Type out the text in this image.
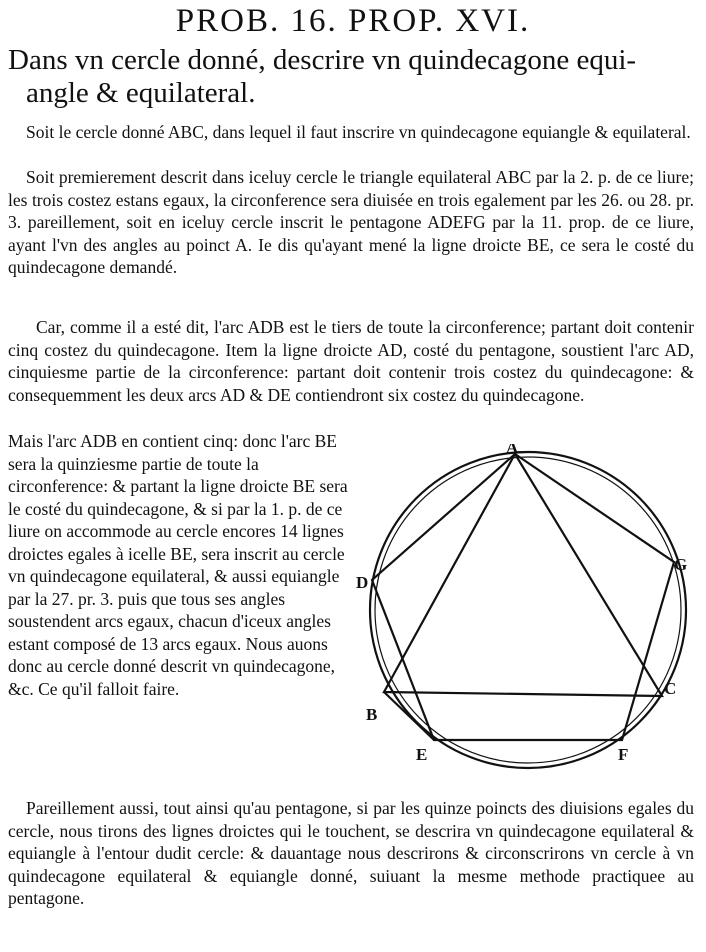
PROB. 16. PROP. XVI.
Dans vn cercle donné, descrire vn quindecagone equi-
angle & equilateral.

Soit le cercle donné ABC, dans lequel il faut inscrire vn quindecagone equiangle & equilateral.

Soit premierement descrit dans iceluy cercle le triangle equilateral ABC par la 2. p. de ce liure; les trois costez estans egaux, la circonference sera diuisée en trois egalement par les 26. ou 28. pr. 3. pareillement, soit en iceluy cercle inscrit le pentagone ADEFG par la 11. prop. de ce liure, ayant l'vn des angles au poinct A. Ie dis qu'ayant mené la ligne droicte BE, ce sera le costé du quindecagone demandé.

Car, comme il a esté dit, l'arc ADB est le tiers de toute la circonference; partant doit contenir cinq costez du quindecagone. Item la ligne droicte AD, costé du pentagone, soustient l'arc AD, cinquiesme partie de la circonference: partant doit contenir trois costez du quindecagone: & consequemment les deux arcs AD & DE contiendront six costez du quindecagone.

Mais l'arc ADB en contient cinq: donc l'arc BE sera la quinziesme partie de toute la circonference: & partant la ligne droicte BE sera le costé du quindecagone, & si par la 1. p. de ce liure on accommode au cercle encores 14 lignes droictes egales à icelle BE, sera inscrit au cercle vn quindecagone equilateral, & aussi equiangle par la 27. pr. 3. puis que tous ses angles soustendent arcs egaux, chacun d'iceux angles estant composé de 13 arcs egaux. Nous auons donc au cercle donné descrit vn quindecagone, &c. Ce qu'il falloit faire.

A
G
D
C
B
E	F

Pareillement aussi, tout ainsi qu'au pentagone, si par les quinze poincts des diuisions egales du cercle, nous tirons des lignes droictes qui le touchent, se descrira vn quindecagone equilateral & equiangle à l'entour dudit cercle: & dauantage nous descrirons & circonscrirons vn cercle à vn quindecagone equilateral & equiangle donné, suiuant la mesme methode practiquee au pentagone.
